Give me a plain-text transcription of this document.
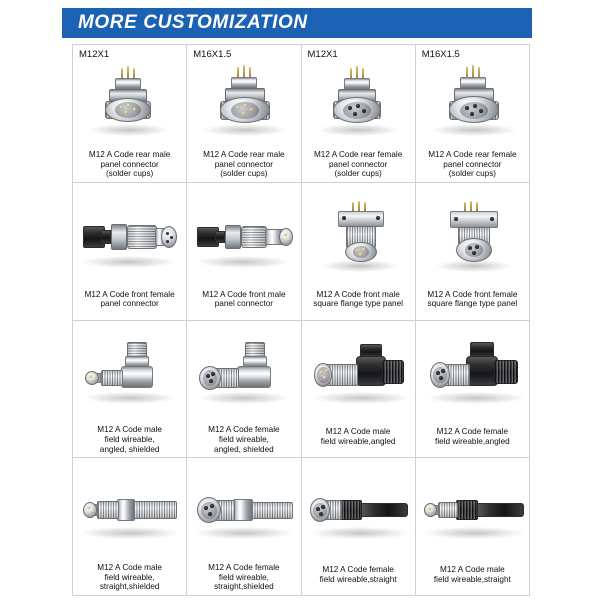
MORE CUSTOMIZATION
M12X1
M12 A Code rear male
panel connector
(solder cups)
M16X1.5
M12 A Code rear male
panel connector
(solder cups)
M12X1
M12 A Code rear female
panel connector
(solder cups)
M16X1.5
M12 A Code rear female
panel connector
(solder cups)
M12 A Code front female
panel connector
M12 A Code front male
panel connector
M12 A Code front male
square flange type panel
M12 A Code front female
square flange type panel
M12 A Code male
field wireable,
angled, shielded
M12 A Code female
field wireable,
angled, shielded
M12 A Code male
field wireable,angled
M12 A Code female
field wireable,angled
M12 A Code male
field wireable,
straight,shielded
M12 A Code female
field wireable,
straight,shielded
M12 A Code female
field wireable,straight
M12 A Code male
field wireable,straight
